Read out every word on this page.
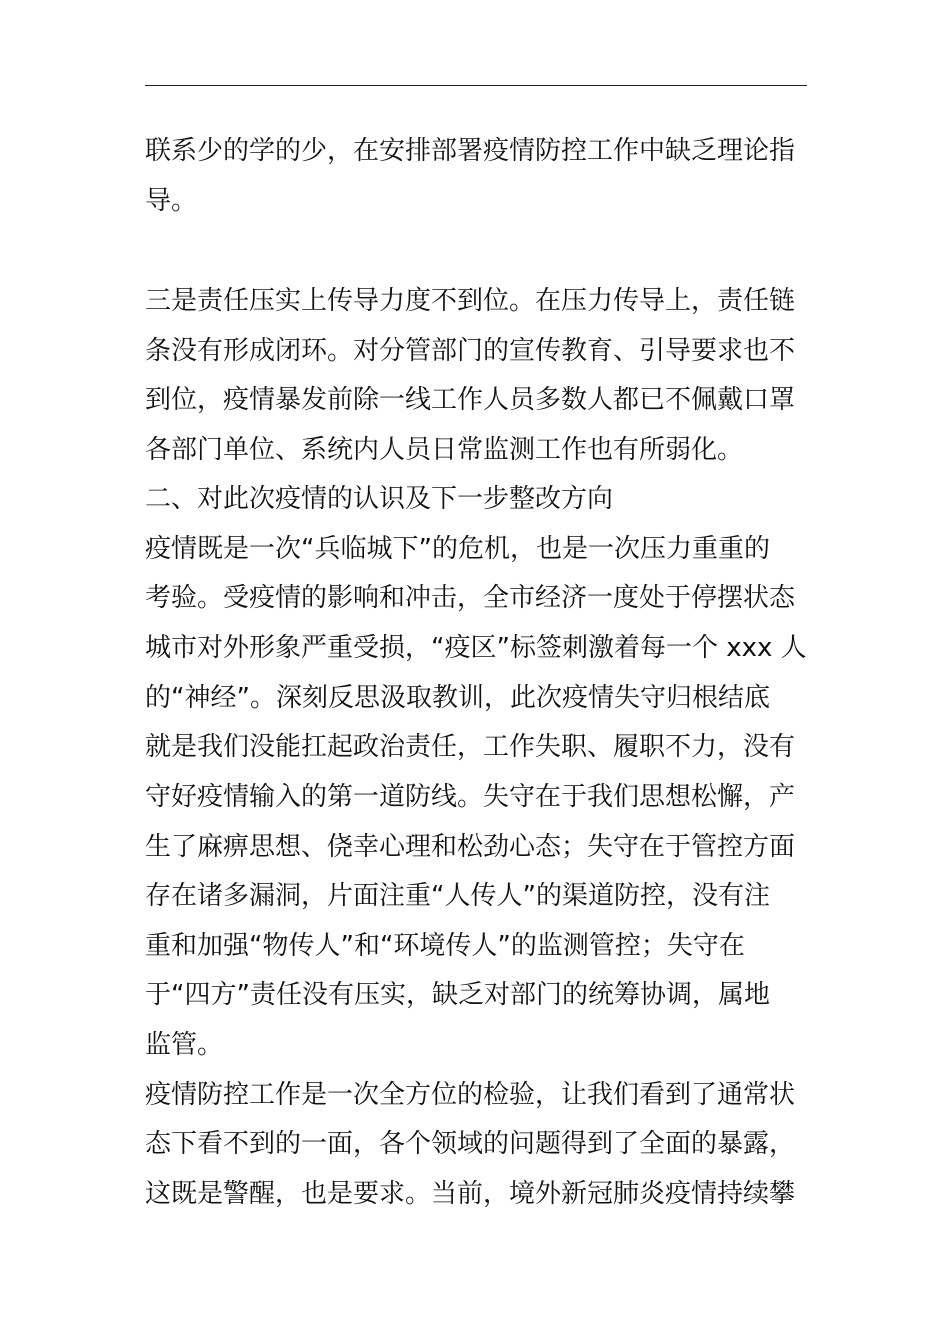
联系少的学的少，在安排部署疫情防控工作中缺乏理论指
导。
三是责任压实上传导力度不到位。在压力传导上，责任链
条没有形成闭环。对分管部门的宣传教育、引导要求也不
到位，疫情暴发前除一线工作人员多数人都已不佩戴口罩
各部门单位、系统内人员日常监测工作也有所弱化。
二、对此次疫情的认识及下一步整改方向
疫情既是一次“兵临城下”的危机，也是一次压力重重的
考验。受疫情的影响和冲击，全市经济一度处于停摆状态
城市对外形象严重受损，“疫区”标签刺激着每一个 xxx 人
的“神经”。深刻反思汲取教训，此次疫情失守归根结底
就是我们没能扛起政治责任，工作失职、履职不力，没有
守好疫情输入的第一道防线。失守在于我们思想松懈，产
生了麻痹思想、侥幸心理和松劲心态；失守在于管控方面
存在诸多漏洞，片面注重“人传人”的渠道防控，没有注
重和加强“物传人”和“环境传人”的监测管控；失守在
于“四方”责任没有压实，缺乏对部门的统筹协调，属地
监管。
疫情防控工作是一次全方位的检验，让我们看到了通常状
态下看不到的一面，各个领域的问题得到了全面的暴露，
这既是警醒，也是要求。当前，境外新冠肺炎疫情持续攀
